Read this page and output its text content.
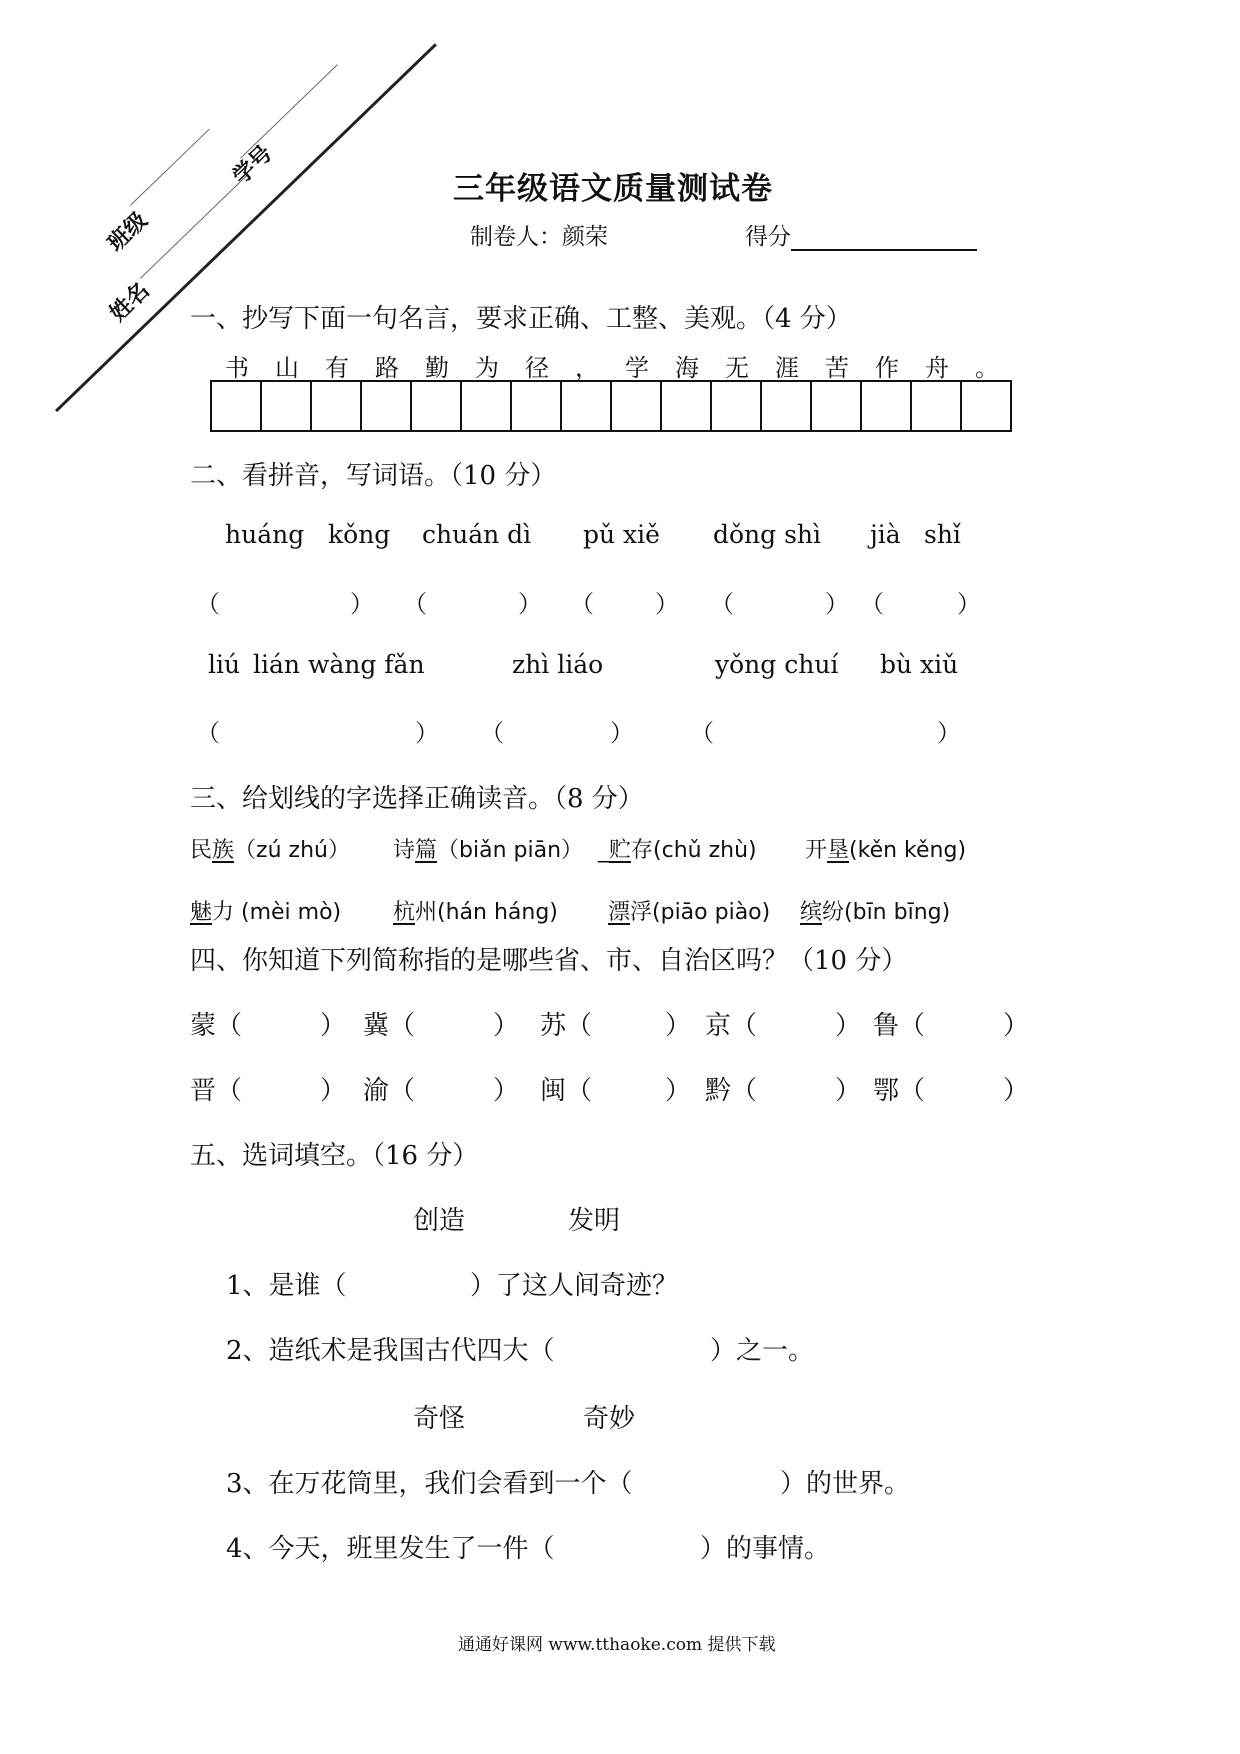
班级
学号
姓名
三年级语文质量测试卷
制卷人：颜荣	得分
一、抄写下面一句名言，要求正确、工整、美观。（4 分）
书	山	有	路	勤	为	径	，	学	海	无	涯	苦	作	舟	。
二、看拼音，写词语。（10 分）
huáng kǒng chuán dì pǔ xiě dǒng shì jià shǐ
（	） （	） （	） （	） （	）
liú lián wàng fǎn	zhì liáo	yǒng chuí bù xiǔ
（	） （	） （	）
三、给划线的字选择正确读音。（8 分）
民族（zú zhú） 诗篇（biǎn piān） _贮存(chǔ zhù) 开垦(kěn kěng)
魅力 (mèi mò) 杭州(hán háng) 漂浮(piāo piào) 缤纷(bīn bīng)
四、你知道下列简称指的是哪些省、市、自治区吗？（10 分）
蒙（	） 冀（	） 苏（	） 京（	） 鲁（	）
晋（	） 渝（	） 闽（	） 黔（	） 鄂（	）
五、选词填空。（16 分）
创造	发明
1、是谁（	）了这人间奇迹？
2、造纸术是我国古代四大（	）之一。
奇怪	奇妙
3、在万花筒里，我们会看到一个（	）的世界。
4、今天，班里发生了一件（	）的事情。
通通好课网 www.tthaoke.com 提供下载
